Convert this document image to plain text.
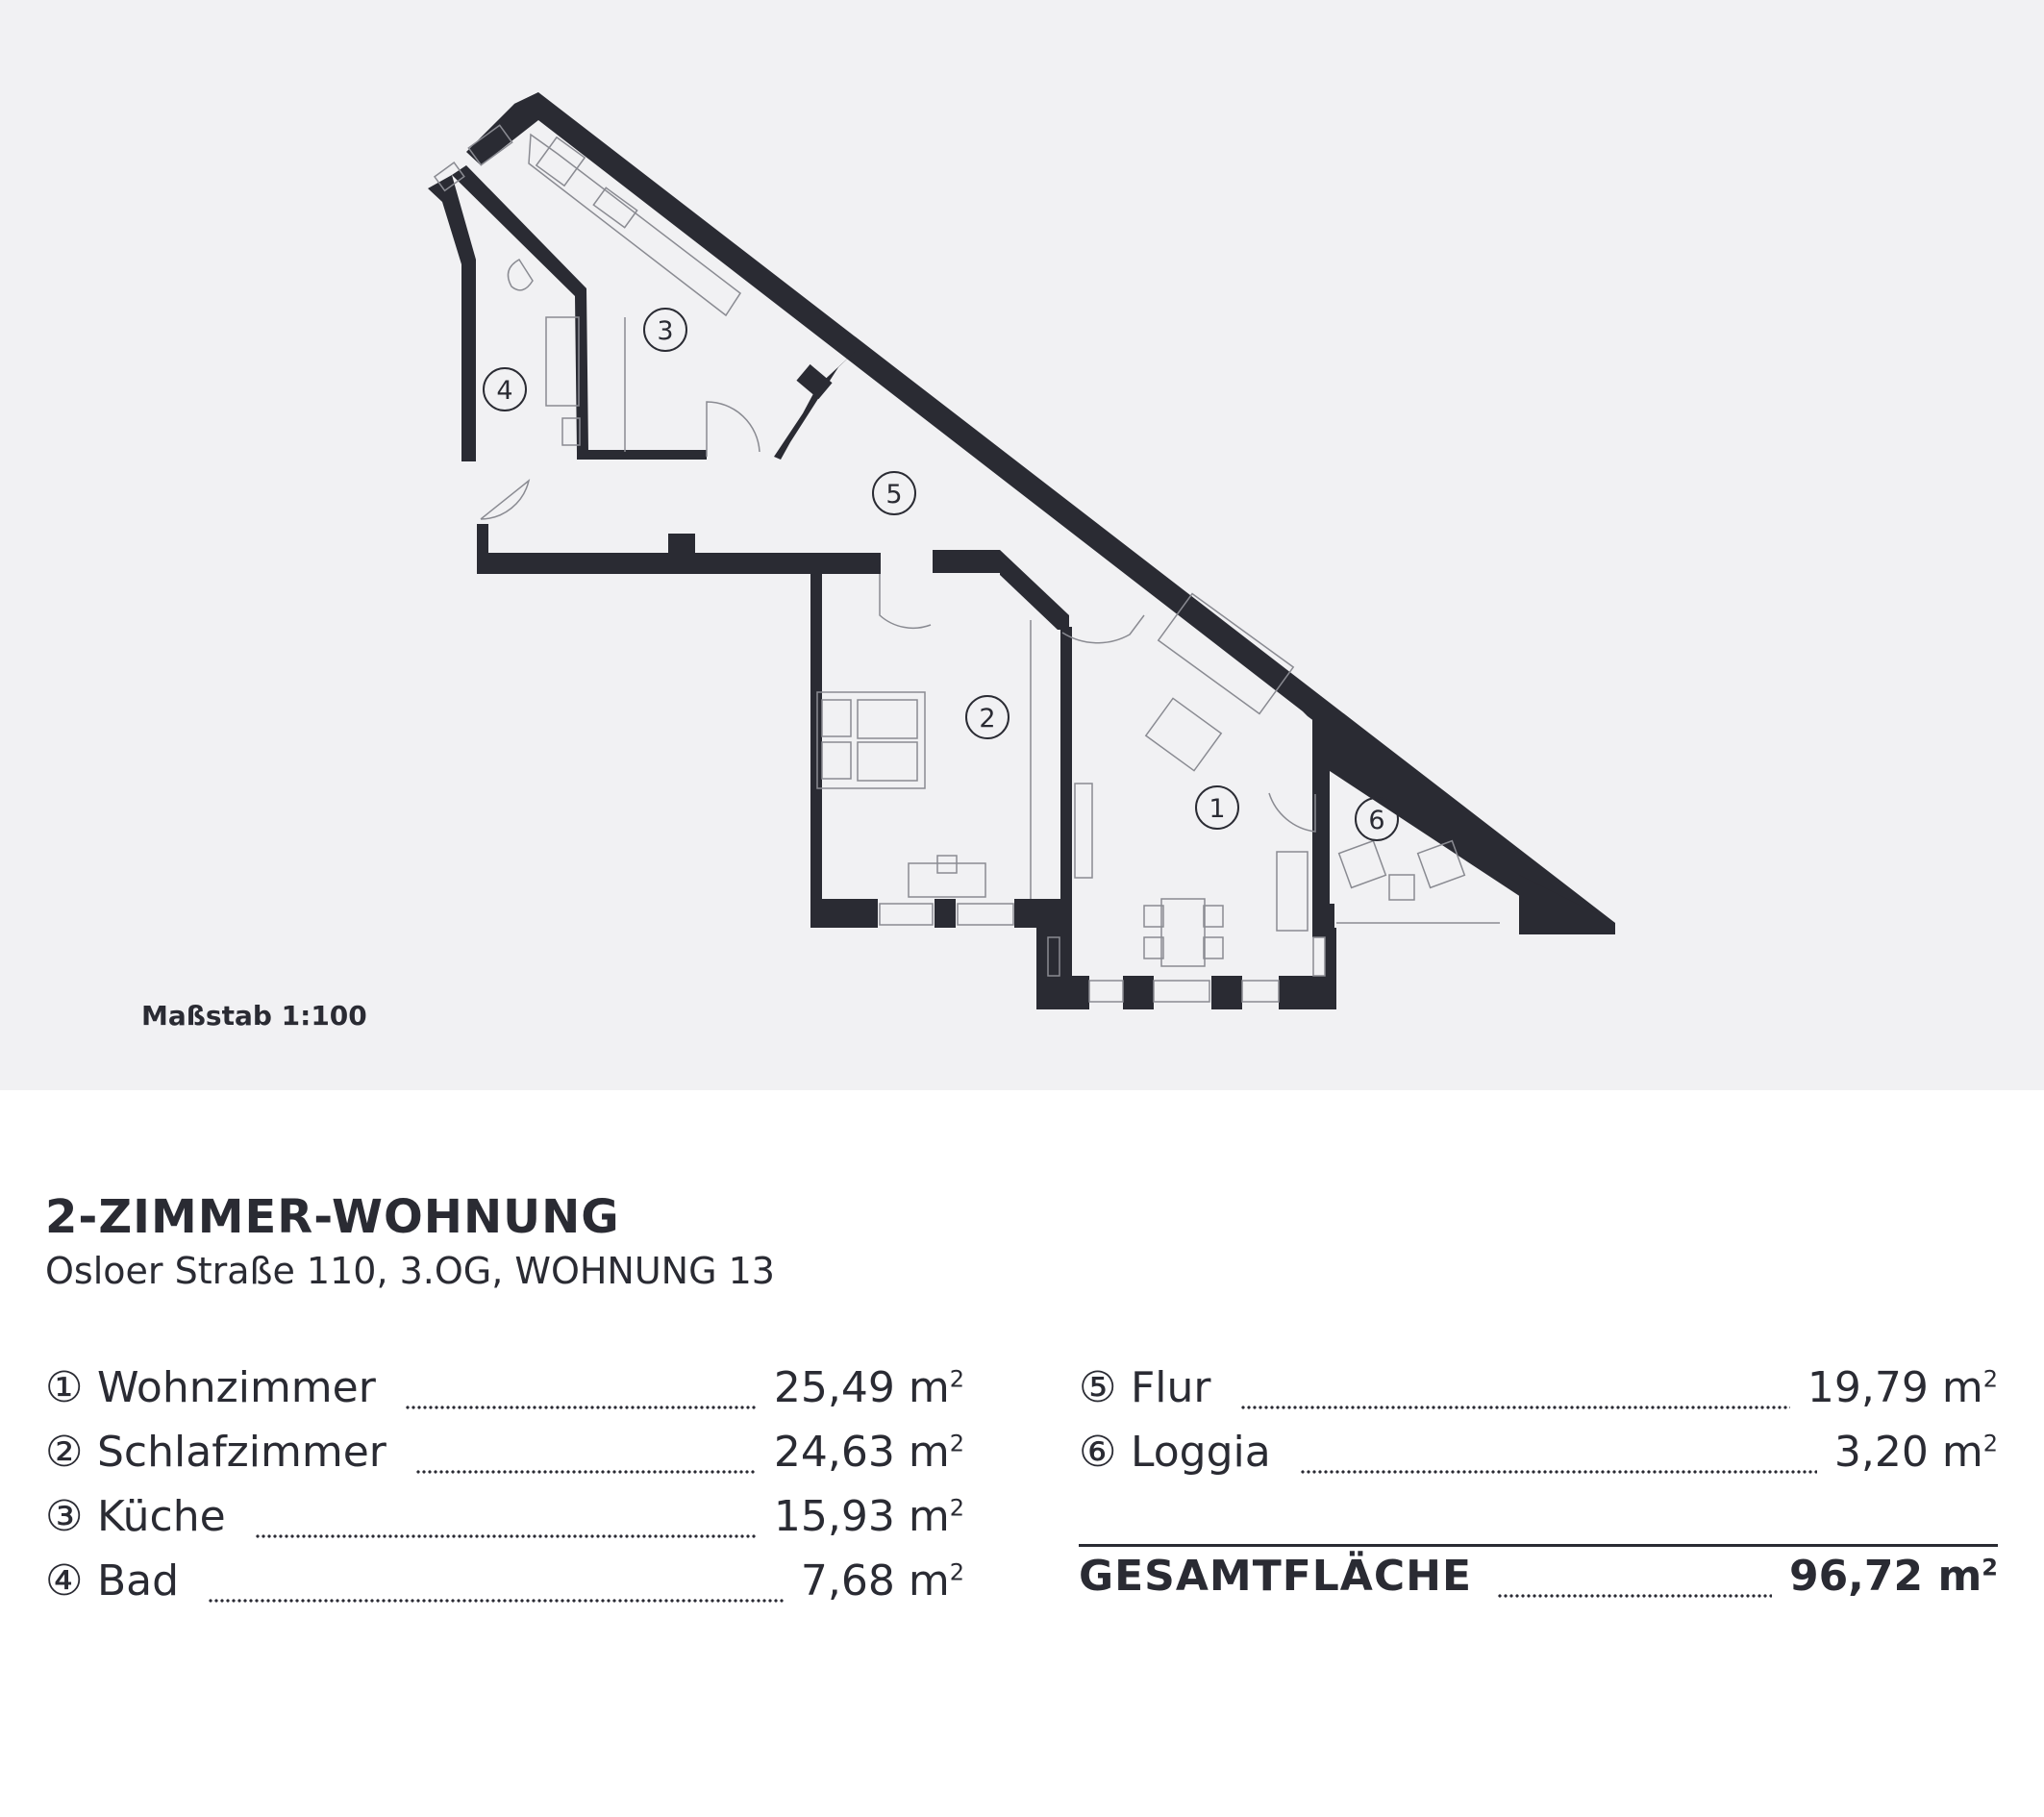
1
2
3
4
5
6
Maßstab 1:100
2-ZIMMER-WOHNUNG
Osloer Straße 110, 3.OG, WOHNUNG 13
① Wohnzimmer	25,49 $m^2$
② Schlafzimmer	24,63 $m^2$
③ Küche	15,93 $m^2$
④ Bad	7,68 $m^2$
⑤ Flur	19,79 $m^2$
⑥ Loggia	3,20 $m^2$
GESAMTFLÄCHE	96,72 $m^2$
